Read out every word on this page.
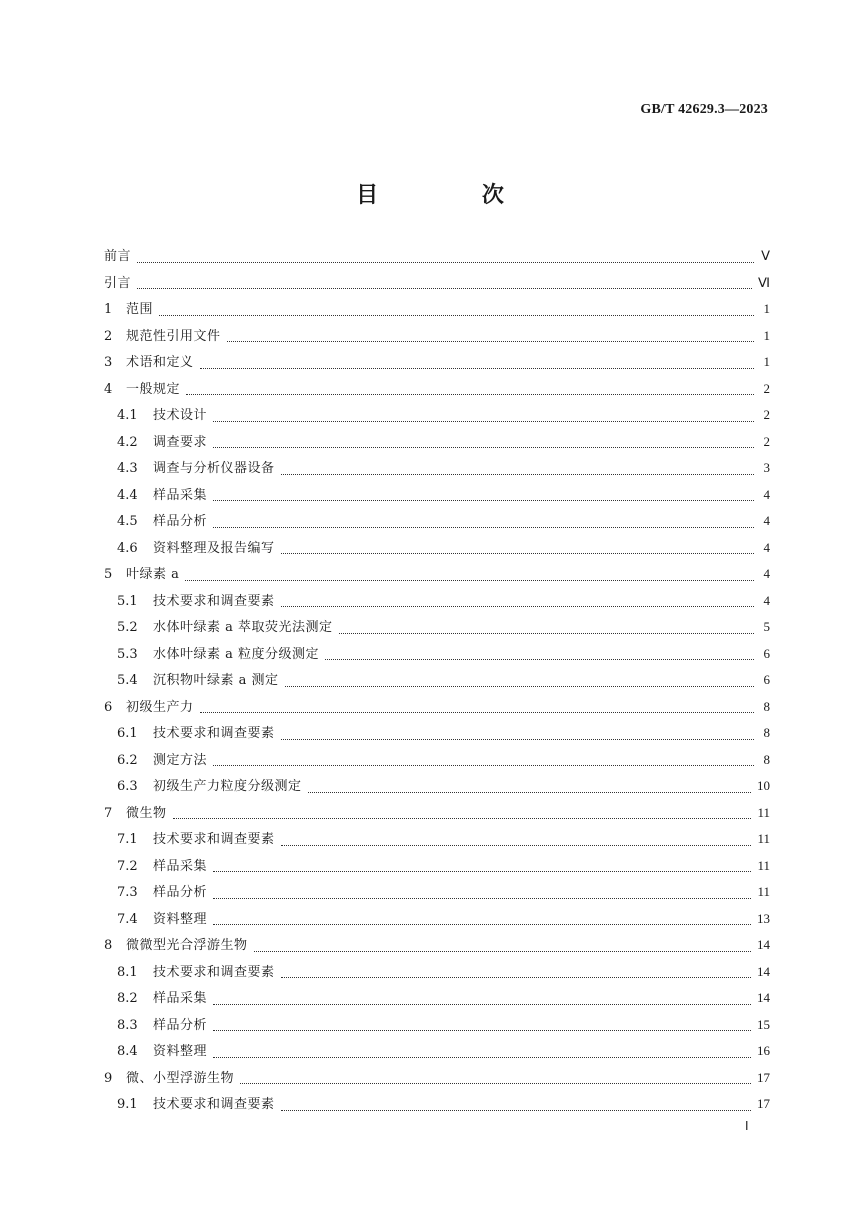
GB/T 42629.3—2023
目 次
前言	Ⅴ
引言	Ⅵ
1	范围	1
2	规范性引用文件	1
3	术语和定义	1
4	一般规定	2
4.1	技术设计	2
4.2	调查要求	2
4.3	调查与分析仪器设备	3
4.4	样品采集	4
4.5	样品分析	4
4.6	资料整理及报告编写	4
5	叶绿素 a	4
5.1	技术要求和调查要素	4
5.2	水体叶绿素 a 萃取荧光法测定	5
5.3	水体叶绿素 a 粒度分级测定	6
5.4	沉积物叶绿素 a 测定	6
6	初级生产力	8
6.1	技术要求和调查要素	8
6.2	测定方法	8
6.3	初级生产力粒度分级测定	10
7	微生物	11
7.1	技术要求和调查要素	11
7.2	样品采集	11
7.3	样品分析	11
7.4	资料整理	13
8	微微型光合浮游生物	14
8.1	技术要求和调查要素	14
8.2	样品采集	14
8.3	样品分析	15
8.4	资料整理	16
9	微、小型浮游生物	17
9.1	技术要求和调查要素	17
Ⅰ
